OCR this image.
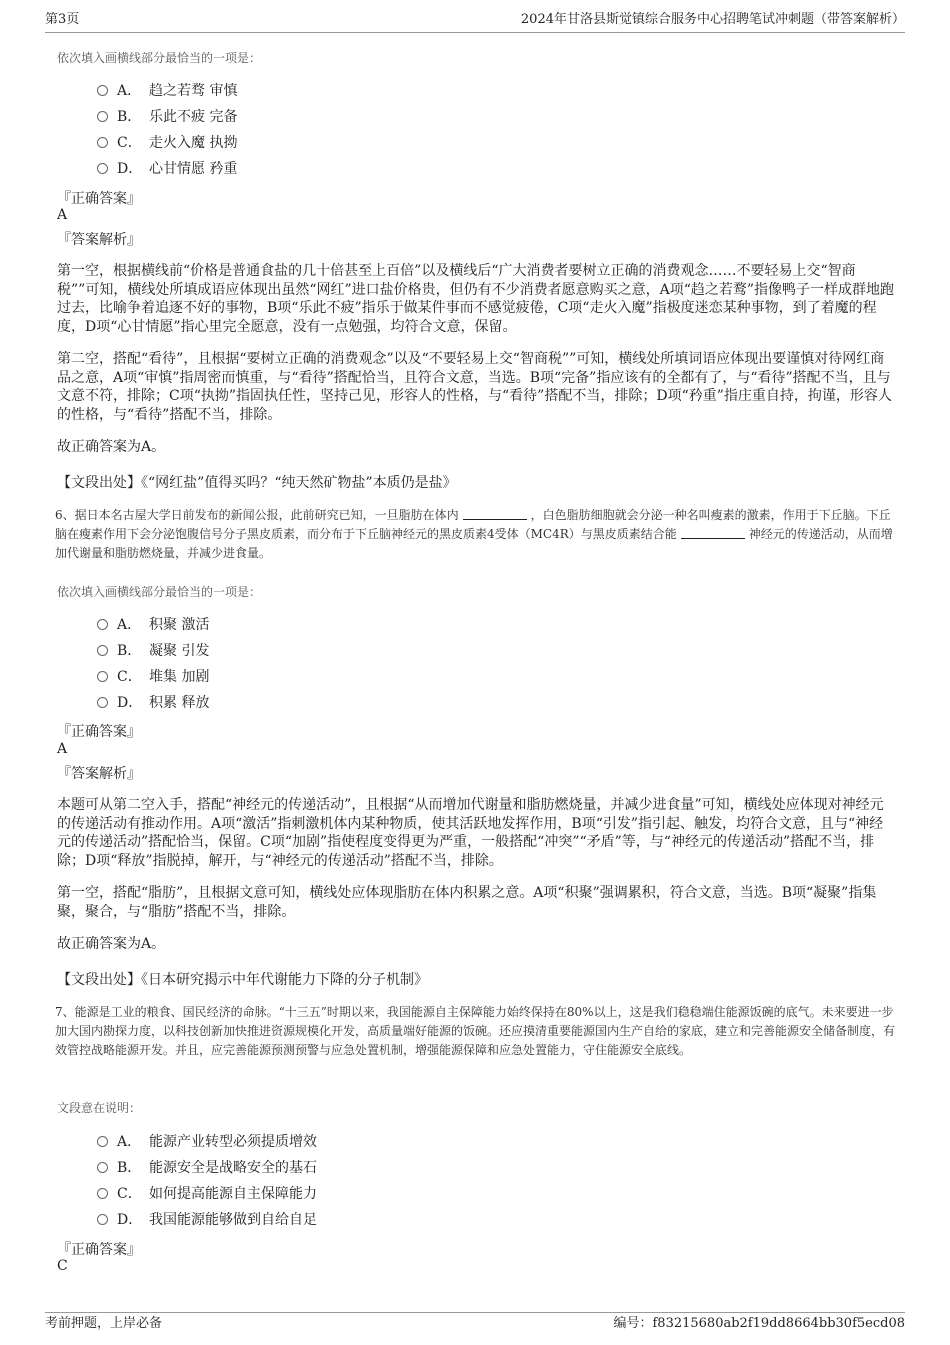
第3页	2024年甘洛县斯觉镇综合服务中心招聘笔试冲刺题（带答案解析）
依次填入画横线部分最恰当的一项是：
A． 趋之若骛 审慎
B． 乐此不疲 完备
C． 走火入魔 执拗
D． 心甘情愿 矜重
『正确答案』
A
『答案解析』
第一空，根据横线前“价格是普通食盐的几十倍甚至上百倍”以及横线后“广大消费者要树立正确的消费观念……不要轻易上交“智商税””可知，横线处所填成语应体现出虽然“网红”进口盐价格贵，但仍有不少消费者愿意购买之意，A项“趋之若鹜”指像鸭子一样成群地跑过去，比喻争着追逐不好的事物，B项“乐此不疲”指乐于做某件事而不感觉疲倦，C项“走火入魔”指极度迷恋某种事物，到了着魔的程度，D项“心甘情愿”指心里完全愿意，没有一点勉强，均符合文意，保留。
第二空，搭配“看待”，且根据“要树立正确的消费观念”以及“不要轻易上交“智商税””可知，横线处所填词语应体现出要谨慎对待网红商品之意，A项“审慎”指周密而慎重，与“看待”搭配恰当，且符合文意，当选。B项“完备”指应该有的全都有了，与“看待”搭配不当，且与文意不符，排除；C项“执拗”指固执任性，坚持己见，形容人的性格，与“看待”搭配不当，排除；D项“矜重”指庄重自持，拘谨，形容人的性格，与“看待”搭配不当，排除。
故正确答案为A。
【文段出处】《“网红盐”值得买吗？“纯天然矿物盐”本质仍是盐》
6、据日本名古屋大学日前发布的新闻公报，此前研究已知，一旦脂肪在体内	，白色脂肪细胞就会分泌一种名叫瘦素的激素，作用于下丘脑。下丘脑在瘦素作用下会分泌饱腹信号分子黑皮质素，而分布于下丘脑神经元的黑皮质素4受体（MC4R）与黑皮质素结合能	神经元的传递活动，从而增加代谢量和脂肪燃烧量，并减少进食量。
依次填入画横线部分最恰当的一项是：
A． 积聚 激活
B． 凝聚 引发
C． 堆集 加剧
D． 积累 释放
『正确答案』
A
『答案解析』
本题可从第二空入手，搭配“神经元的传递活动”，且根据“从而增加代谢量和脂肪燃烧量，并减少进食量”可知，横线处应体现对神经元的传递活动有推动作用。A项“激活”指刺激机体内某种物质，使其活跃地发挥作用，B项“引发”指引起、触发，均符合文意，且与“神经元的传递活动”搭配恰当，保留。C项“加剧”指使程度变得更为严重，一般搭配“冲突”“矛盾”等，与“神经元的传递活动”搭配不当，排除；D项“释放”指脱掉，解开，与“神经元的传递活动”搭配不当，排除。
第一空，搭配“脂肪”，且根据文意可知，横线处应体现脂肪在体内积累之意。A项“积聚”强调累积，符合文意，当选。B项“凝聚”指集聚，聚合，与“脂肪”搭配不当，排除。
故正确答案为A。
【文段出处】《日本研究揭示中年代谢能力下降的分子机制》
7、能源是工业的粮食、国民经济的命脉。“十三五”时期以来，我国能源自主保障能力始终保持在80%以上，这是我们稳稳端住能源饭碗的底气。未来要进一步加大国内勘探力度，以科技创新加快推进资源规模化开发，高质量端好能源的饭碗。还应摸清重要能源国内生产自给的家底，建立和完善能源安全储备制度，有效管控战略能源开发。并且，应完善能源预测预警与应急处置机制，增强能源保障和应急处置能力，守住能源安全底线。
文段意在说明：
A． 能源产业转型必须提质增效
B． 能源安全是战略安全的基石
C． 如何提高能源自主保障能力
D． 我国能源能够做到自给自足
『正确答案』
C
考前押题，上岸必备	编号：f83215680ab2f19dd8664bb30f5ecd08
